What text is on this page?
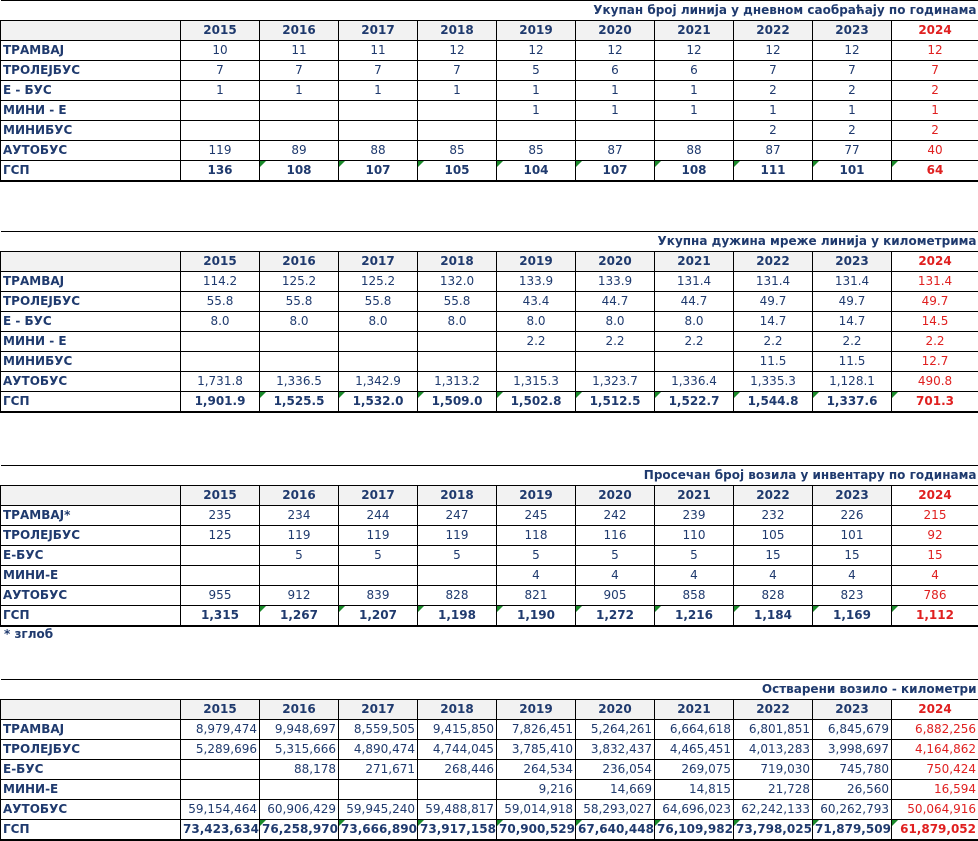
Укупан број линија у дневном саобраћају по годинама										
	2015	2016	2017	2018	2019	2020	2021	2022	2023	2024
ТРАМВАЈ	10	11	11	12	12	12	12	12	12	12
ТРОЛЕЈБУС	7	7	7	7	5	6	6	7	7	7
Е - БУС	1	1	1	1	1	1	1	2	2	2
МИНИ - Е					1	1	1	1	1	1
МИНИБУС								2	2	2
АУТОБУС	119	89	88	85	85	87	88	87	77	40
ГСП	136	108	107	105	104	107	108	111	101	64
Укупна дужина мреже линија у километрима										
	2015	2016	2017	2018	2019	2020	2021	2022	2023	2024
ТРАМВАЈ	114.2	125.2	125.2	132.0	133.9	133.9	131.4	131.4	131.4	131.4
ТРОЛЕЈБУС	55.8	55.8	55.8	55.8	43.4	44.7	44.7	49.7	49.7	49.7
Е - БУС	8.0	8.0	8.0	8.0	8.0	8.0	8.0	14.7	14.7	14.5
МИНИ - Е					2.2	2.2	2.2	2.2	2.2	2.2
МИНИБУС								11.5	11.5	12.7
АУТОБУС	1,731.8	1,336.5	1,342.9	1,313.2	1,315.3	1,323.7	1,336.4	1,335.3	1,128.1	490.8
ГСП	1,901.9	1,525.5	1,532.0	1,509.0	1,502.8	1,512.5	1,522.7	1,544.8	1,337.6	701.3
Просечан број возила у инвентару по годинама										
	2015	2016	2017	2018	2019	2020	2021	2022	2023	2024
ТРАМВАЈ*	235	234	244	247	245	242	239	232	226	215
ТРОЛЕЈБУС	125	119	119	119	118	116	110	105	101	92
Е-БУС		5	5	5	5	5	5	15	15	15
МИНИ-Е					4	4	4	4	4	4
АУТОБУС	955	912	839	828	821	905	858	828	823	786
ГСП	1,315	1,267	1,207	1,198	1,190	1,272	1,216	1,184	1,169	1,112
* зглоб
Остварени возило - километри										
	2015	2016	2017	2018	2019	2020	2021	2022	2023	2024
ТРАМВАЈ	8,979,474	9,948,697	8,559,505	9,415,850	7,826,451	5,264,261	6,664,618	6,801,851	6,845,679	6,882,256
ТРОЛЕЈБУС	5,289,696	5,315,666	4,890,474	4,744,045	3,785,410	3,832,437	4,465,451	4,013,283	3,998,697	4,164,862
Е-БУС		88,178	271,671	268,446	264,534	236,054	269,075	719,030	745,780	750,424
МИНИ-Е					9,216	14,669	14,815	21,728	26,560	16,594
АУТОБУС	59,154,464	60,906,429	59,945,240	59,488,817	59,014,918	58,293,027	64,696,023	62,242,133	60,262,793	50,064,916
ГСП	73,423,634	76,258,970	73,666,890	73,917,158	70,900,529	67,640,448	76,109,982	73,798,025	71,879,509	61,879,052
